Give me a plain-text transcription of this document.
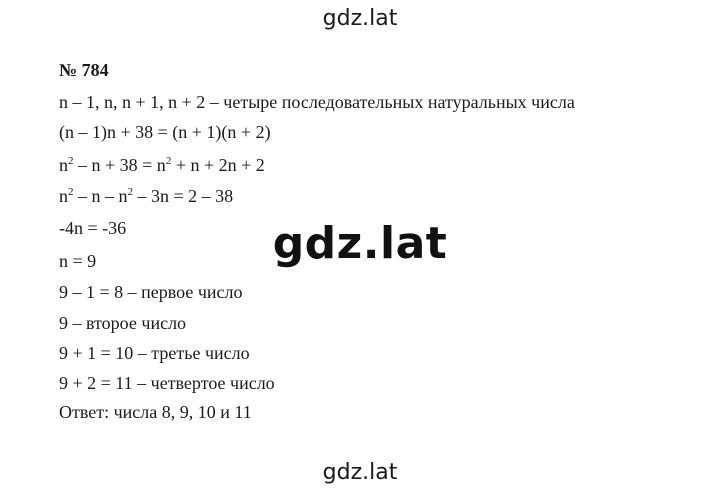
gdz.lat
№ 784
n – 1, n, n + 1, n + 2 – четыре последовательных натуральных числа
(n – 1)n + 38 = (n + 1)(n + 2)
$n^2 - n + 38 = n^2 + n + 2n + 2$
$n^2 - n - n^2 - 3n = 2 - 38$
-4n = -36
n = 9
9 – 1 = 8 – первое число
9 – второе число
9 + 1 = 10 – третье число
9 + 2 = 11 – четвертое число
Ответ: числа 8, 9, 10 и 11
gdz.lat
gdz.lat
